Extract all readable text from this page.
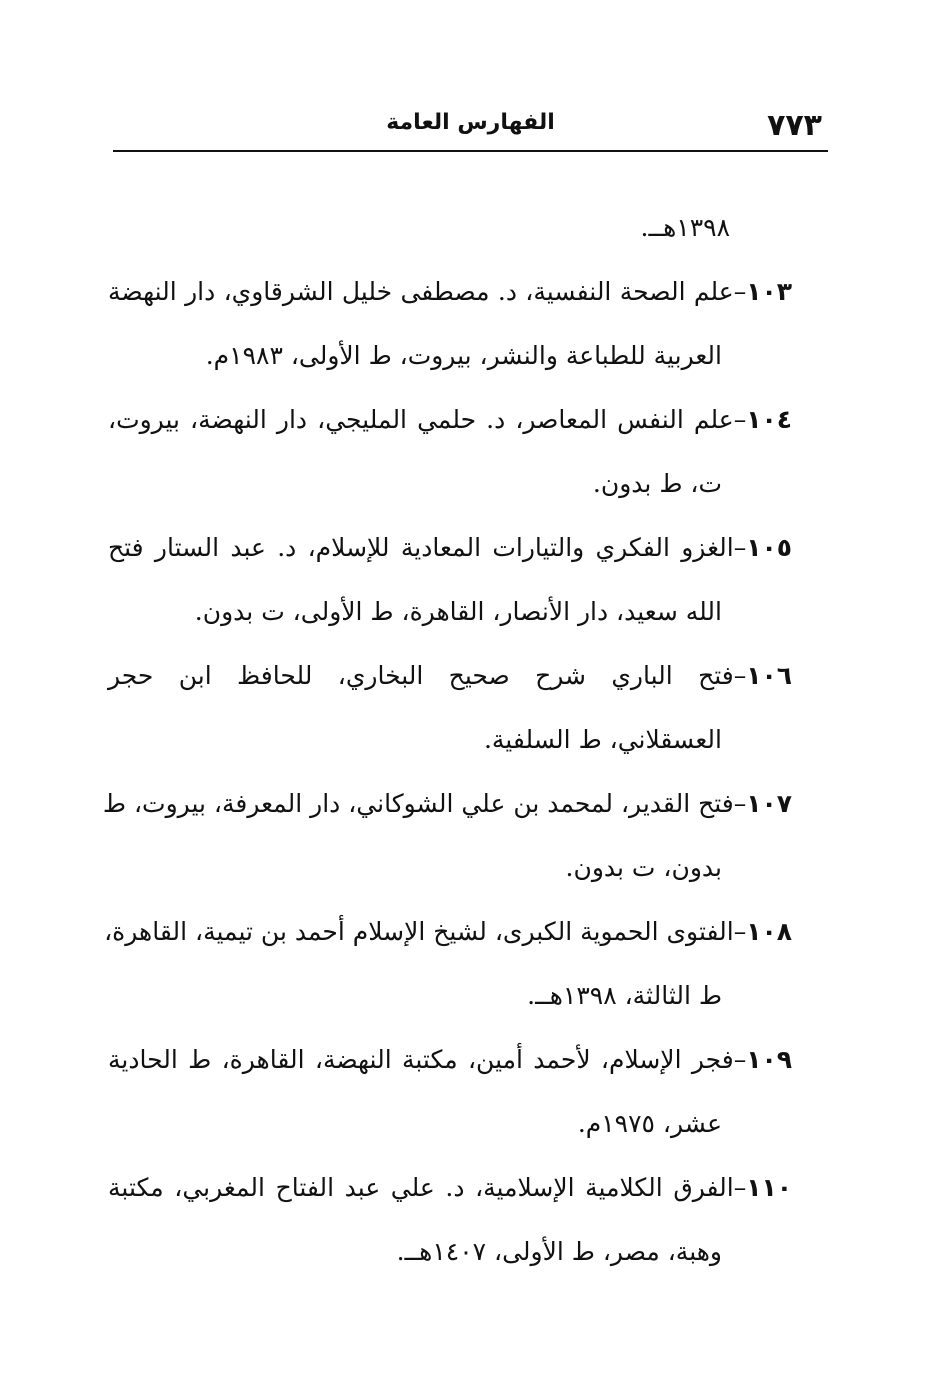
٧٧٣
الفهارس العامة
١٣٩٨هــ.
١٠٣–علم الصحة النفسية، د. مصطفى خليل الشرقاوي، دار النهضة
العربية للطباعة والنشر، بيروت، ط الأولى، ١٩٨٣م.
١٠٤–علم النفس المعاصر، د. حلمي المليجي، دار النهضة، بيروت،
ت، ط بدون.
١٠٥–الغزو الفكري والتيارات المعادية للإسلام، د. عبد الستار فتح
الله سعيد، دار الأنصار، القاهرة، ط الأولى، ت بدون.
١٠٦–فتح الباري شرح صحيح البخاري، للحافظ ابن حجر
العسقلاني، ط السلفية.
١٠٧–فتح القدير، لمحمد بن علي الشوكاني، دار المعرفة، بيروت، ط
بدون، ت بدون.
١٠٨–الفتوى الحموية الكبرى، لشيخ الإسلام أحمد بن تيمية، القاهرة،
ط الثالثة، ١٣٩٨هــ.
١٠٩–فجر الإسلام، لأحمد أمين، مكتبة النهضة، القاهرة، ط الحادية
عشر، ١٩٧٥م.
١١٠–الفرق الكلامية الإسلامية، د. علي عبد الفتاح المغربي، مكتبة
وهبة، مصر، ط الأولى، ١٤٠٧هــ.
